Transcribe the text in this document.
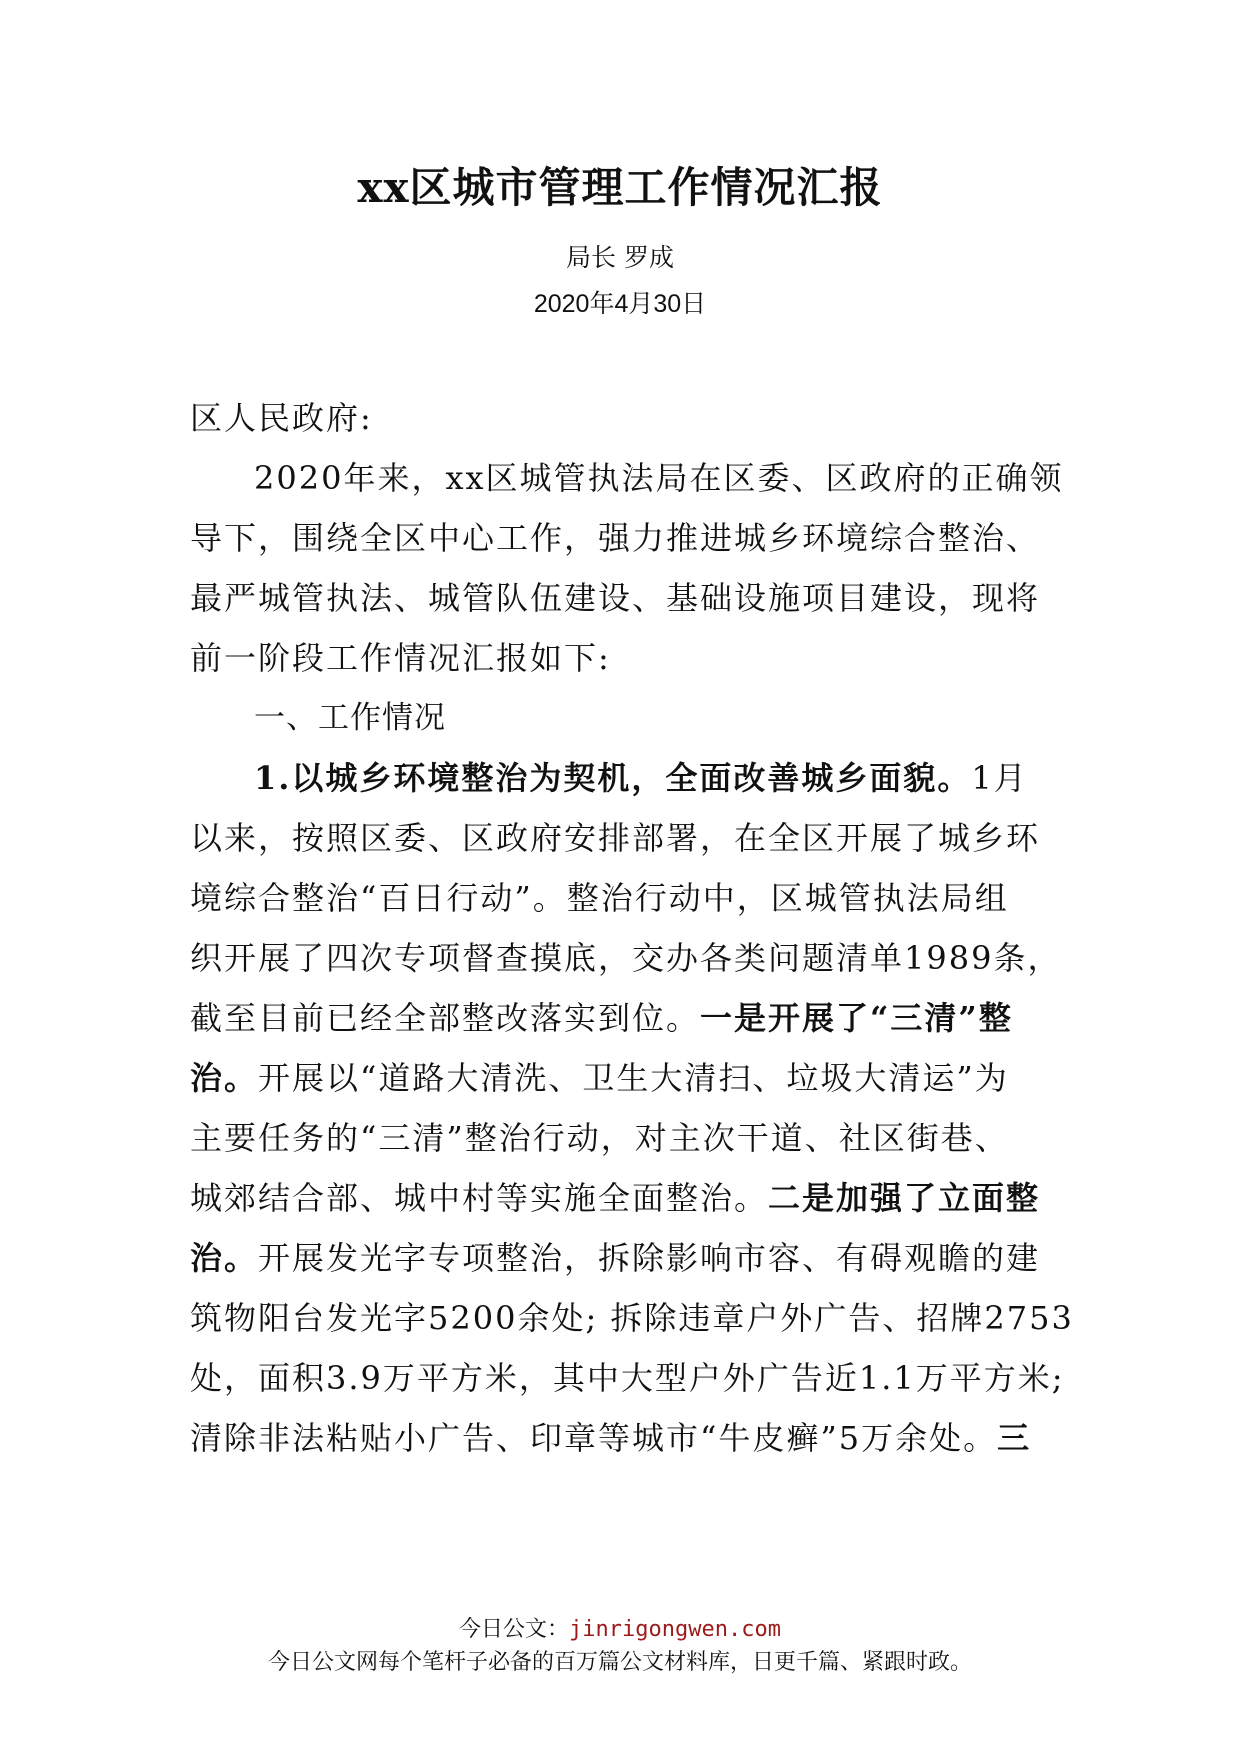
xx区城市管理工作情况汇报
局长 罗成
2020年4月30日

区人民政府:

2020年来，xx区城管执法局在区委、区政府的正确领

导下，围绕全区中心工作，强力推进城乡环境综合整治、
最严城管执法、城管队伍建设、基础设施项目建设，现将
前一阶段工作情况汇报如下:

一、工作情况

1.以城乡环境整治为契机，全面改善城乡面貌。1月

以来，按照区委、区政府安排部署，在全区开展了城乡环
境综合整治“百日行动”。整治行动中，区城管执法局组
织开展了四次专项督查摸底，交办各类问题清单1989条，
截至目前已经全部整改落实到位。一是开展了“三清”整
治。开展以“道路大清洗、卫生大清扫、垃圾大清运”为
主要任务的“三清”整治行动，对主次干道、社区街巷、
城郊结合部、城中村等实施全面整治。二是加强了立面整
治。开展发光字专项整治，拆除影响市容、有碍观瞻的建
筑物阳台发光字5200余处; 拆除违章户外广告、招牌2753
处，面积3.9万平方米，其中大型户外广告近1.1万平方米;
清除非法粘贴小广告、印章等城市“牛皮癣”5万余处。三

今日公文：jinrigongwen.com
今日公文网每个笔杆子必备的百万篇公文材料库，日更千篇、紧跟时政。
